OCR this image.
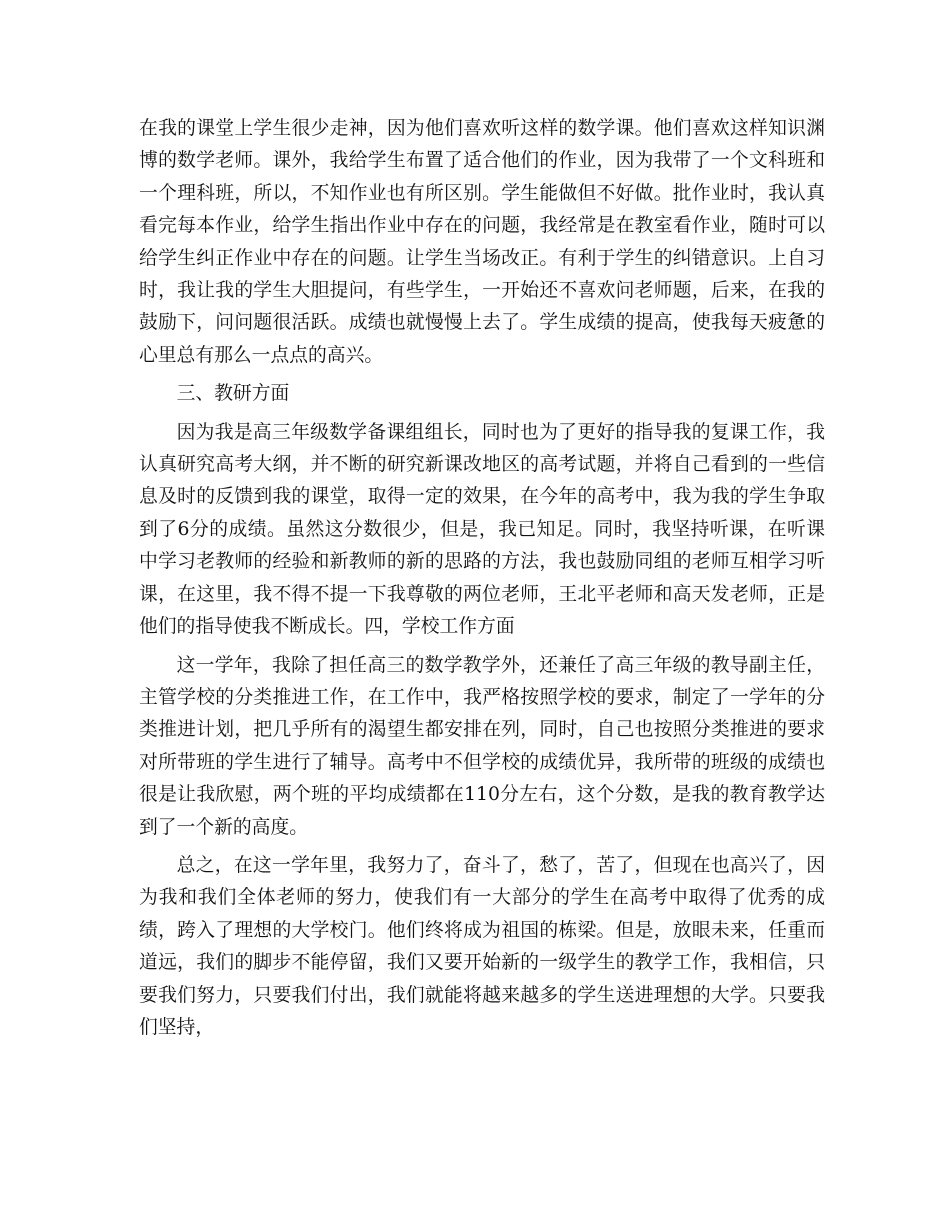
在我的课堂上学生很少走神，因为他们喜欢听这样的数学课。他们喜欢这样知识渊博的数学老师。课外，我给学生布置了适合他们的作业，因为我带了一个文科班和一个理科班，所以，不知作业也有所区别。学生能做但不好做。批作业时，我认真看完每本作业，给学生指出作业中存在的问题，我经常是在教室看作业，随时可以给学生纠正作业中存在的问题。让学生当场改正。有利于学生的纠错意识。上自习时，我让我的学生大胆提问，有些学生，一开始还不喜欢问老师题，后来，在我的鼓励下，问问题很活跃。成绩也就慢慢上去了。学生成绩的提高，使我每天疲惫的心里总有那么一点点的高兴。

三、教研方面

因为我是高三年级数学备课组组长，同时也为了更好的指导我的复课工作，我认真研究高考大纲，并不断的研究新课改地区的高考试题，并将自己看到的一些信息及时的反馈到我的课堂，取得一定的效果，在今年的高考中，我为我的学生争取到了6分的成绩。虽然这分数很少，但是，我已知足。同时，我坚持听课，在听课中学习老教师的经验和新教师的新的思路的方法，我也鼓励同组的老师互相学习听课，在这里，我不得不提一下我尊敬的两位老师，王北平老师和高天发老师，正是他们的指导使我不断成长。四，学校工作方面

这一学年，我除了担任高三的数学教学外，还兼任了高三年级的教导副主任，主管学校的分类推进工作，在工作中，我严格按照学校的要求，制定了一学年的分类推进计划，把几乎所有的渴望生都安排在列，同时，自己也按照分类推进的要求对所带班的学生进行了辅导。高考中不但学校的成绩优异，我所带的班级的成绩也很是让我欣慰，两个班的平均成绩都在110分左右，这个分数，是我的教育教学达到了一个新的高度。

总之，在这一学年里，我努力了，奋斗了，愁了，苦了，但现在也高兴了，因为我和我们全体老师的努力，使我们有一大部分的学生在高考中取得了优秀的成绩，跨入了理想的大学校门。他们终将成为祖国的栋梁。但是，放眼未来，任重而道远，我们的脚步不能停留，我们又要开始新的一级学生的教学工作，我相信，只要我们努力，只要我们付出，我们就能将越来越多的学生送进理想的大学。只要我们坚持，
